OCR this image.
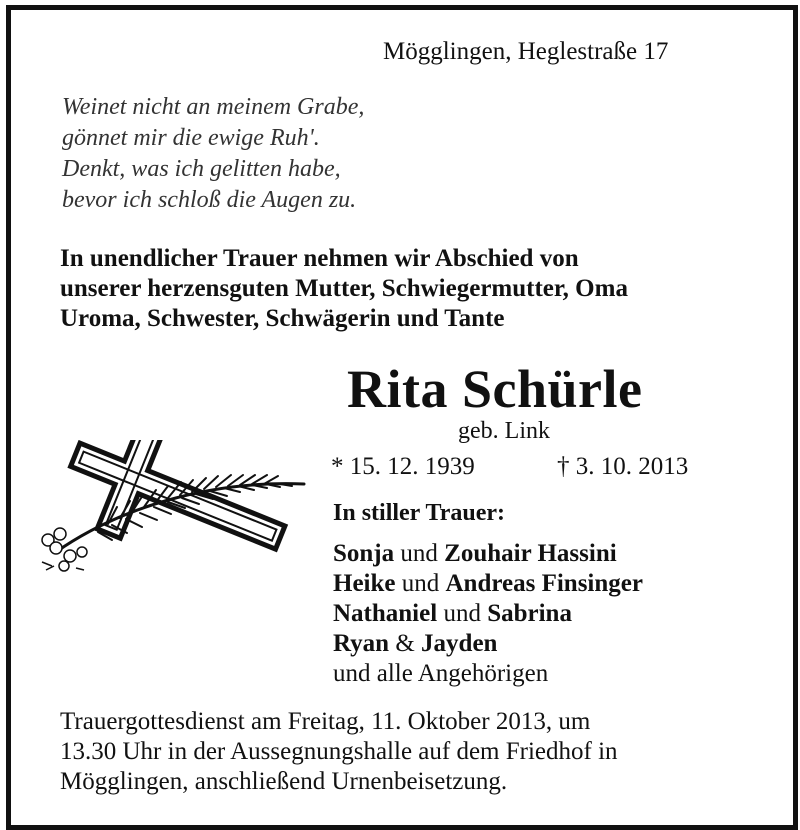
Mögglingen, Heglestraße 17
Weinet nicht an meinem Grabe,
gönnet mir die ewige Ruh'.
Denkt, was ich gelitten habe,
bevor ich schloß die Augen zu.
In unendlicher Trauer nehmen wir Abschied von
unserer herzensguten Mutter, Schwiegermutter, Oma
Uroma, Schwester, Schwägerin und Tante
Rita Schürle
geb. Link
* 15. 12. 1939	† 3. 10. 2013
In stiller Trauer:
Sonja und Zouhair Hassini
Heike und Andreas Finsinger
Nathaniel und Sabrina
Ryan & Jayden
und alle Angehörigen
Trauergottesdienst am Freitag, 11. Oktober 2013, um
13.30 Uhr in der Aussegnungshalle auf dem Friedhof in
Mögglingen, anschließend Urnenbeisetzung.
